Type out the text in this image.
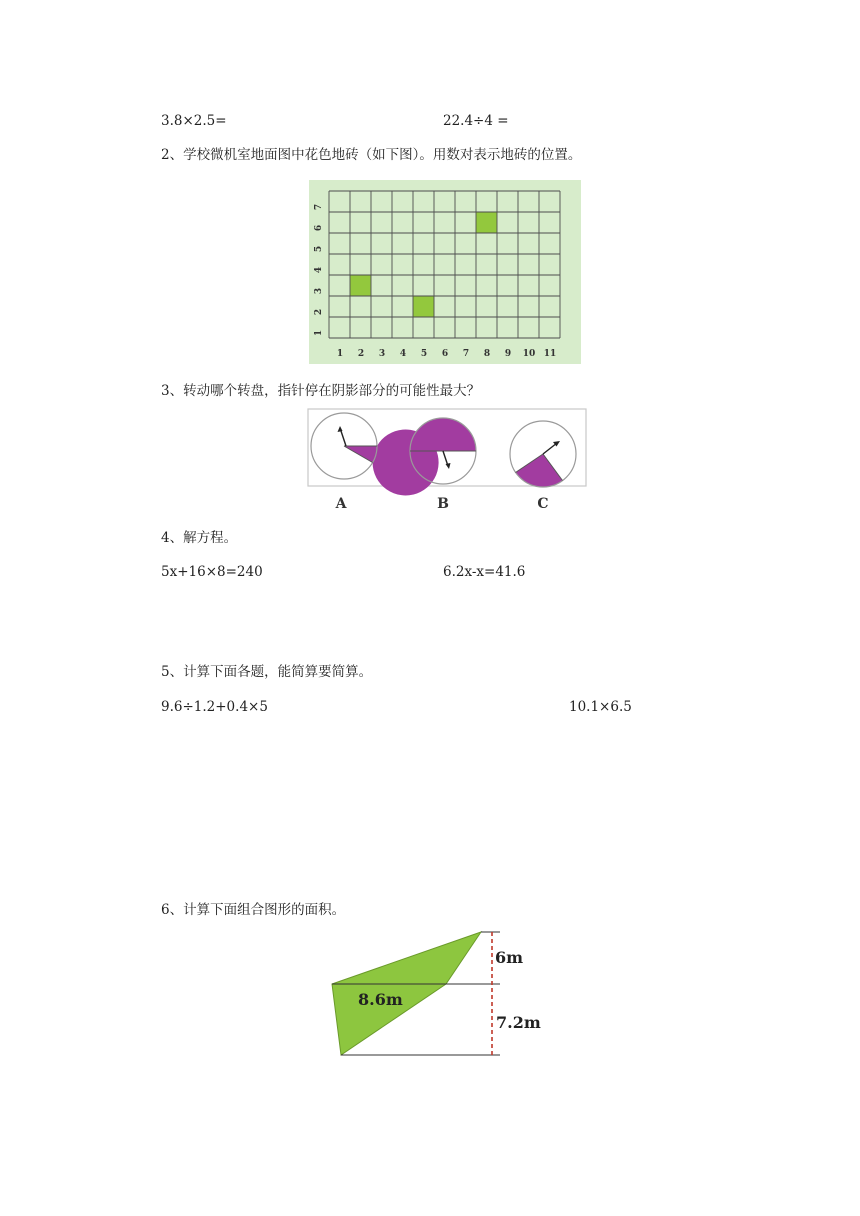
3.8×2.5=	22.4÷4 =
2、学校微机室地面图中花色地砖（如下图）。用数对表示地砖的位置。
1 2 3 4 5 6 7 8 9 10 11
1
2
3
4
5
6
7
3、转动哪个转盘，指针停在阴影部分的可能性最大？
A	B	C
4、解方程。
5x+16×8=240	6.2x-x=41.6
5、计算下面各题，能简算要简算。
9.6÷1.2+0.4×5	10.1×6.5
6、计算下面组合图形的面积。
8.6m
6m
7.2m
